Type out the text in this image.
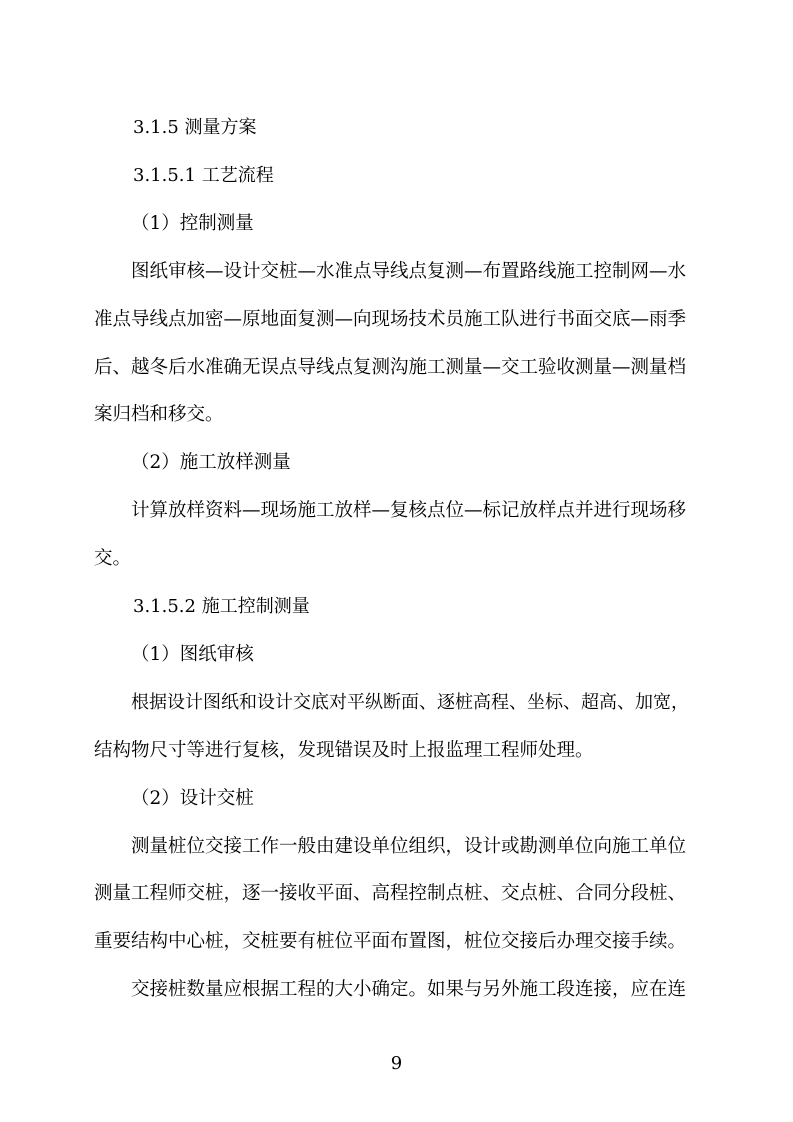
3.1.5 测量方案
3.1.5.1 工艺流程
（1）控制测量
图纸审核—设计交桩—水准点导线点复测—布置路线施工控制网—水
准点导线点加密—原地面复测—向现场技术员施工队进行书面交底—雨季
后、越冬后水准确无误点导线点复测沟施工测量—交工验收测量—测量档
案归档和移交。
（2）施工放样测量
计算放样资料—现场施工放样—复核点位—标记放样点并进行现场移
交。
3.1.5.2 施工控制测量
（1）图纸审核
根据设计图纸和设计交底对平纵断面、逐桩高程、坐标、超高、加宽，
结构物尺寸等进行复核，发现错误及时上报监理工程师处理。
（2）设计交桩
测量桩位交接工作一般由建设单位组织，设计或勘测单位向施工单位
测量工程师交桩，逐一接收平面、高程控制点桩、交点桩、合同分段桩、
重要结构中心桩，交桩要有桩位平面布置图，桩位交接后办理交接手续。
交接桩数量应根据工程的大小确定。如果与另外施工段连接，应在连
9
